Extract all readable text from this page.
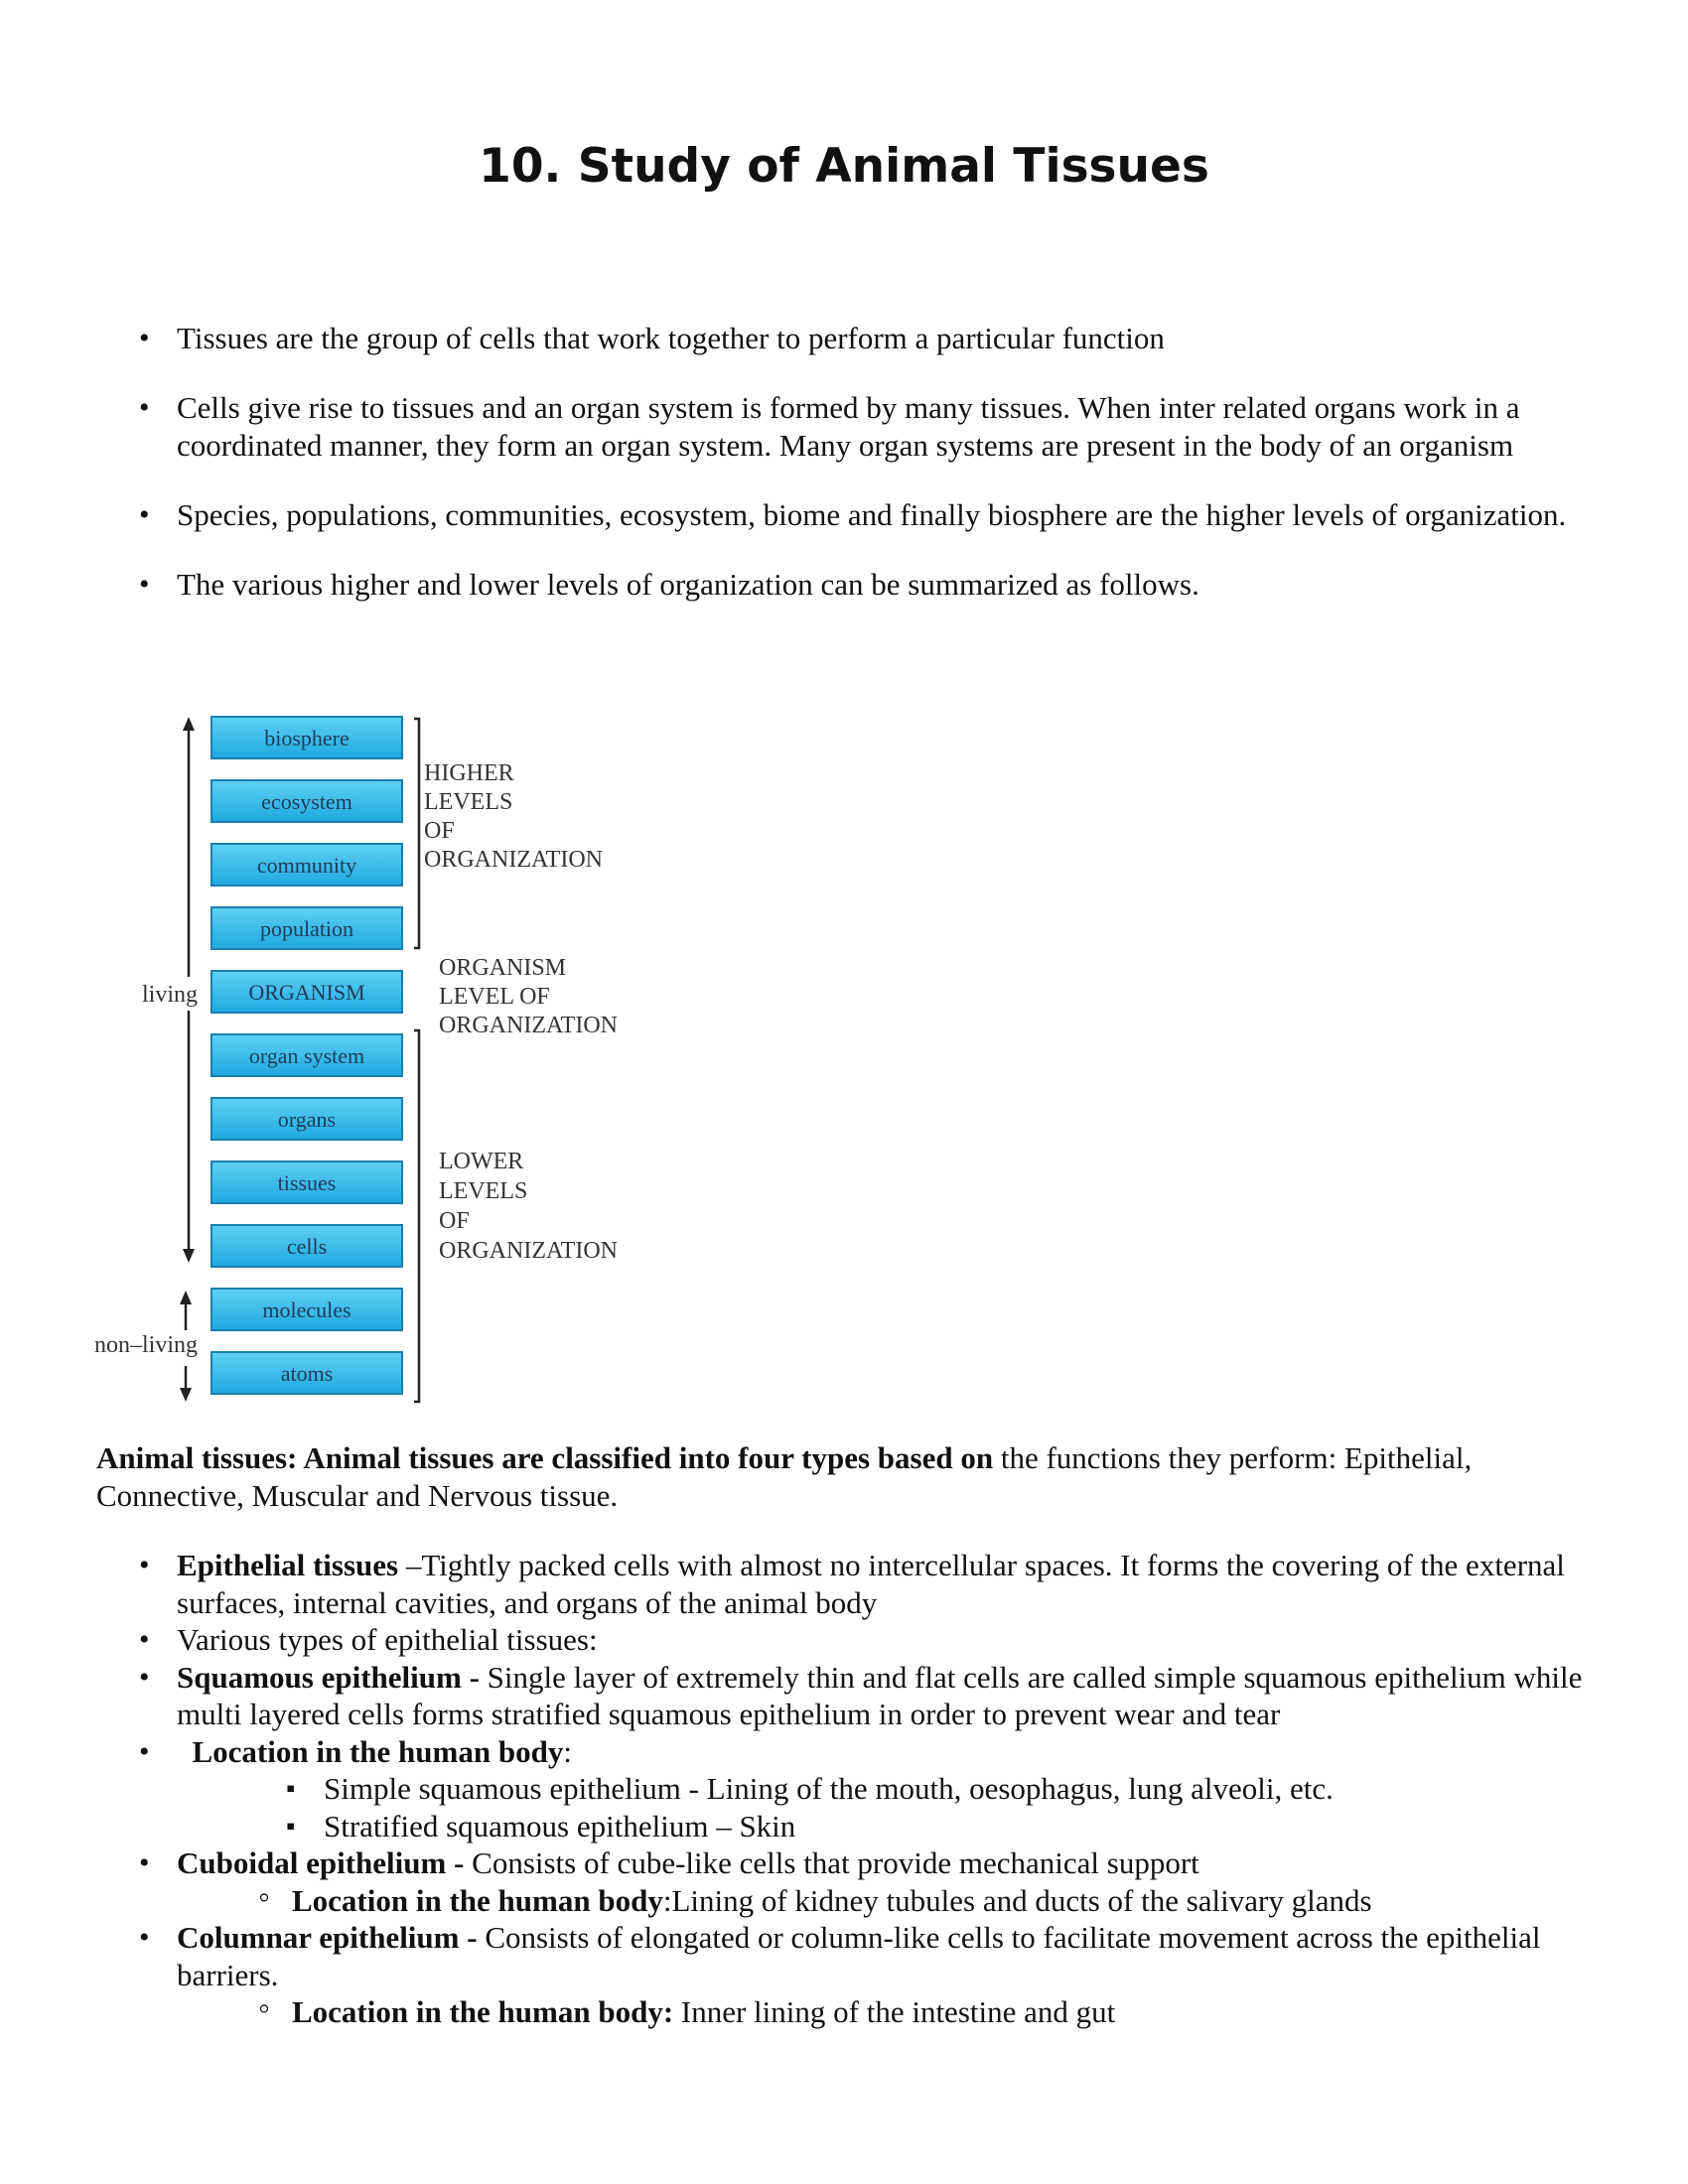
10. Study of Animal Tissues
• Tissues are the group of cells that work together to perform a particular function
• Cells give rise to tissues and an organ system is formed by many tissues. When inter related organs work in a coordinated manner, they form an organ system. Many organ systems are present in the body of an organism
• Species, populations, communities, ecosystem, biome and finally biosphere are the higher levels of organization.
• The various higher and lower levels of organization can be summarized as follows.
biosphere
ecosystem
community
population
ORGANISM
organ system
organs
tissues
cells
molecules
atoms
living
non–living
HIGHER LEVELS OF ORGANIZATION
ORGANISM LEVEL OF ORGANIZATION
LOWER LEVELS OF ORGANIZATION

Animal tissues: Animal tissues are classified into four types based on the functions they perform: Epithelial, Connective, Muscular and Nervous tissue.

• Epithelial tissues –Tightly packed cells with almost no intercellular spaces. It forms the covering of the external surfaces, internal cavities, and organs of the animal body
• Various types of epithelial tissues:
• Squamous epithelium - Single layer of extremely thin and flat cells are called simple squamous epithelium while multi layered cells forms stratified squamous epithelium in order to prevent wear and tear
• Location in the human body:
▪ Simple squamous epithelium - Lining of the mouth, oesophagus, lung alveoli, etc.
▪ Stratified squamous epithelium – Skin
• Cuboidal epithelium - Consists of cube-like cells that provide mechanical support
◦ Location in the human body:Lining of kidney tubules and ducts of the salivary glands
• Columnar epithelium - Consists of elongated or column-like cells to facilitate movement across the epithelial barriers.
◦ Location in the human body: Inner lining of the intestine and gut
